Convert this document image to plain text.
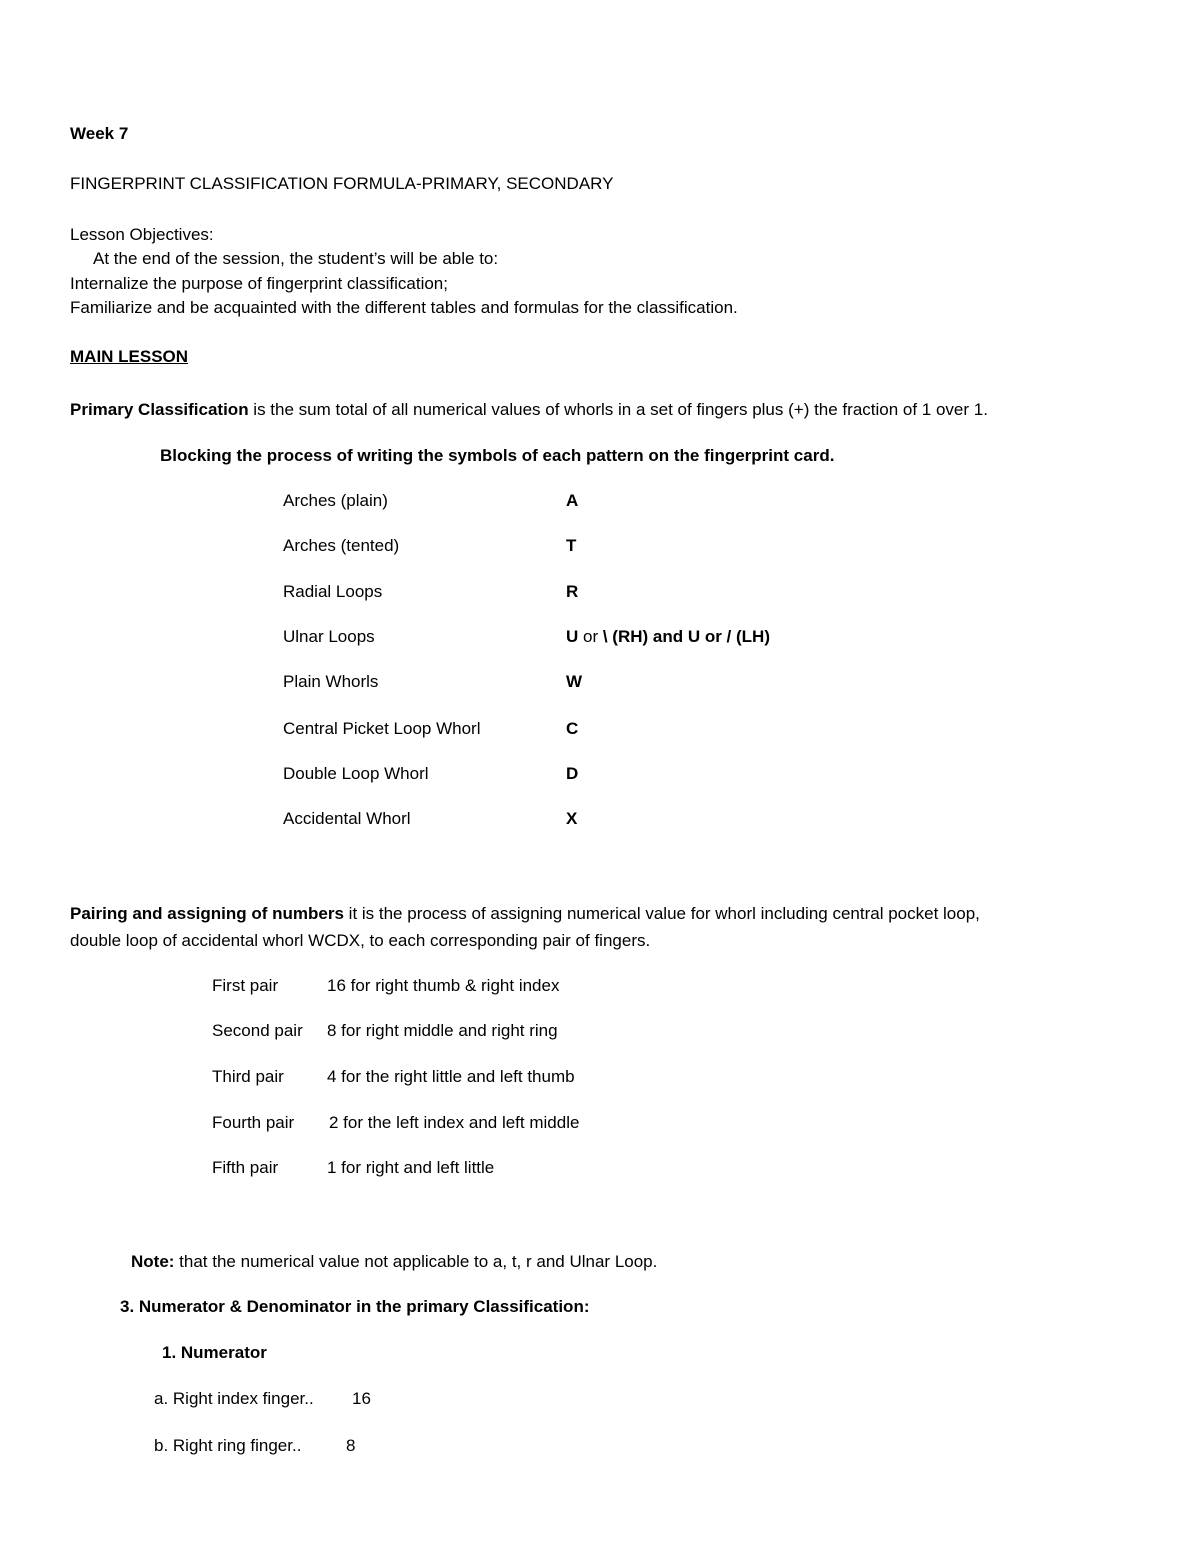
Week 7
FINGERPRINT CLASSIFICATION FORMULA-PRIMARY, SECONDARY
Lesson Objectives:
At the end of the session, the student’s will be able to:
Internalize the purpose of fingerprint classification;
Familiarize and be acquainted with the different tables and formulas for the classification.
MAIN LESSON
Primary Classification is the sum total of all numerical values of whorls in a set of fingers plus (+) the fraction of 1 over 1.
Blocking the process of writing the symbols of each pattern on the fingerprint card.
Arches (plain)	A
Arches (tented)	T
Radial Loops	R
Ulnar Loops	U or \ (RH) and U or / (LH)
Plain Whorls	W
Central Picket Loop Whorl	C
Double Loop Whorl	D
Accidental Whorl	X
Pairing and assigning of numbers it is the process of assigning numerical value for whorl including central pocket loop,
double loop of accidental whorl WCDX, to each corresponding pair of fingers.
First pair	16 for right thumb & right index
Second pair 8 for right middle and right ring
Third pair	4 for the right little and left thumb
Fourth pair 2 for the left index and left middle
Fifth pair	1 for right and left little
Note: that the numerical value not applicable to a, t, r and Ulnar Loop.
3. Numerator & Denominator in the primary Classification:
1. Numerator
a. Right index finger.. 16
b. Right ring finger..	8
